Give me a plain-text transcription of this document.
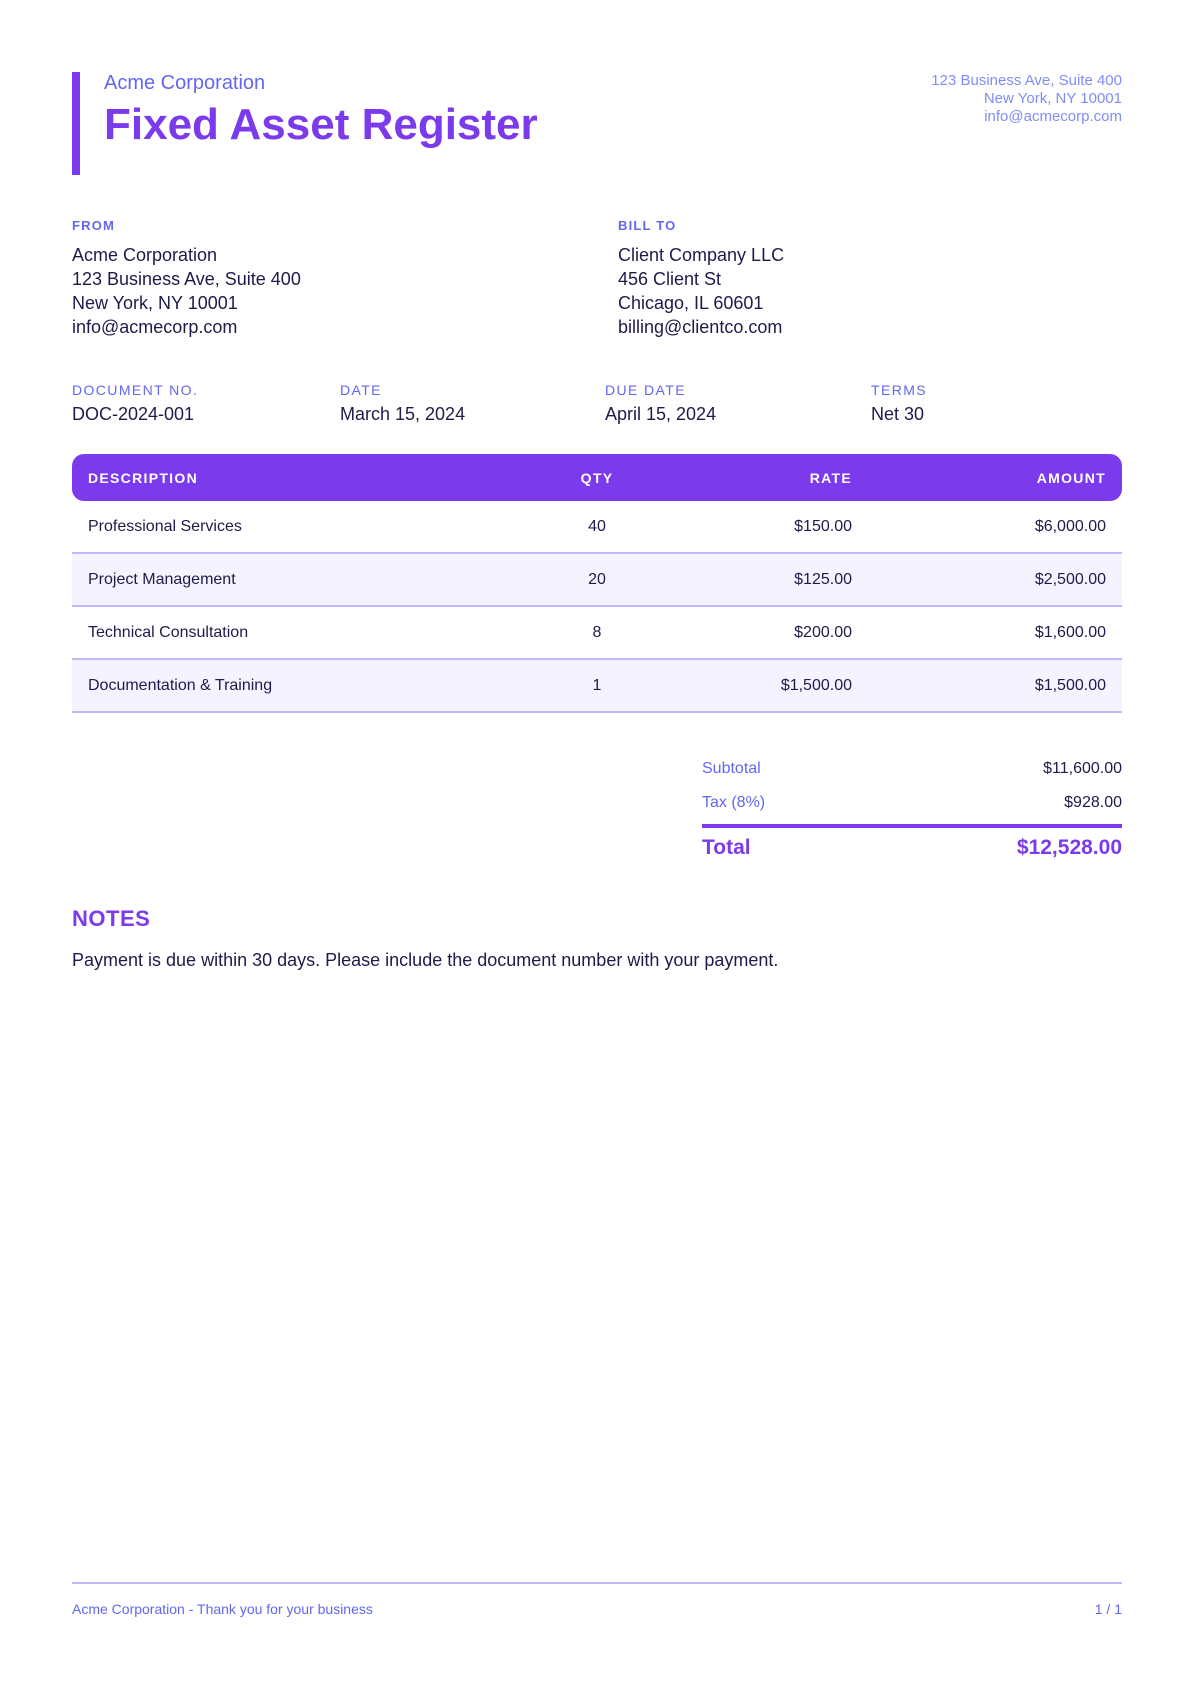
Acme Corporation
Fixed Asset Register
123 Business Ave, Suite 400
New York, NY 10001
info@acmecorp.com
FROM
Acme Corporation
123 Business Ave, Suite 400
New York, NY 10001
info@acmecorp.com
BILL TO
Client Company LLC
456 Client St
Chicago, IL 60601
billing@clientco.com
DOCUMENT NO.
DOC-2024-001
DATE
March 15, 2024
DUE DATE
April 15, 2024
TERMS
Net 30
DESCRIPTION	QTY	RATE	AMOUNT
Professional Services	40	$150.00	$6,000.00
Project Management	20	$125.00	$2,500.00
Technical Consultation	8	$200.00	$1,600.00
Documentation & Training	1	$1,500.00	$1,500.00
Subtotal	$11,600.00
Tax (8%)	$928.00
Total	$12,528.00
NOTES
Payment is due within 30 days. Please include the document number with your payment.
Acme Corporation - Thank you for your business	1 / 1
